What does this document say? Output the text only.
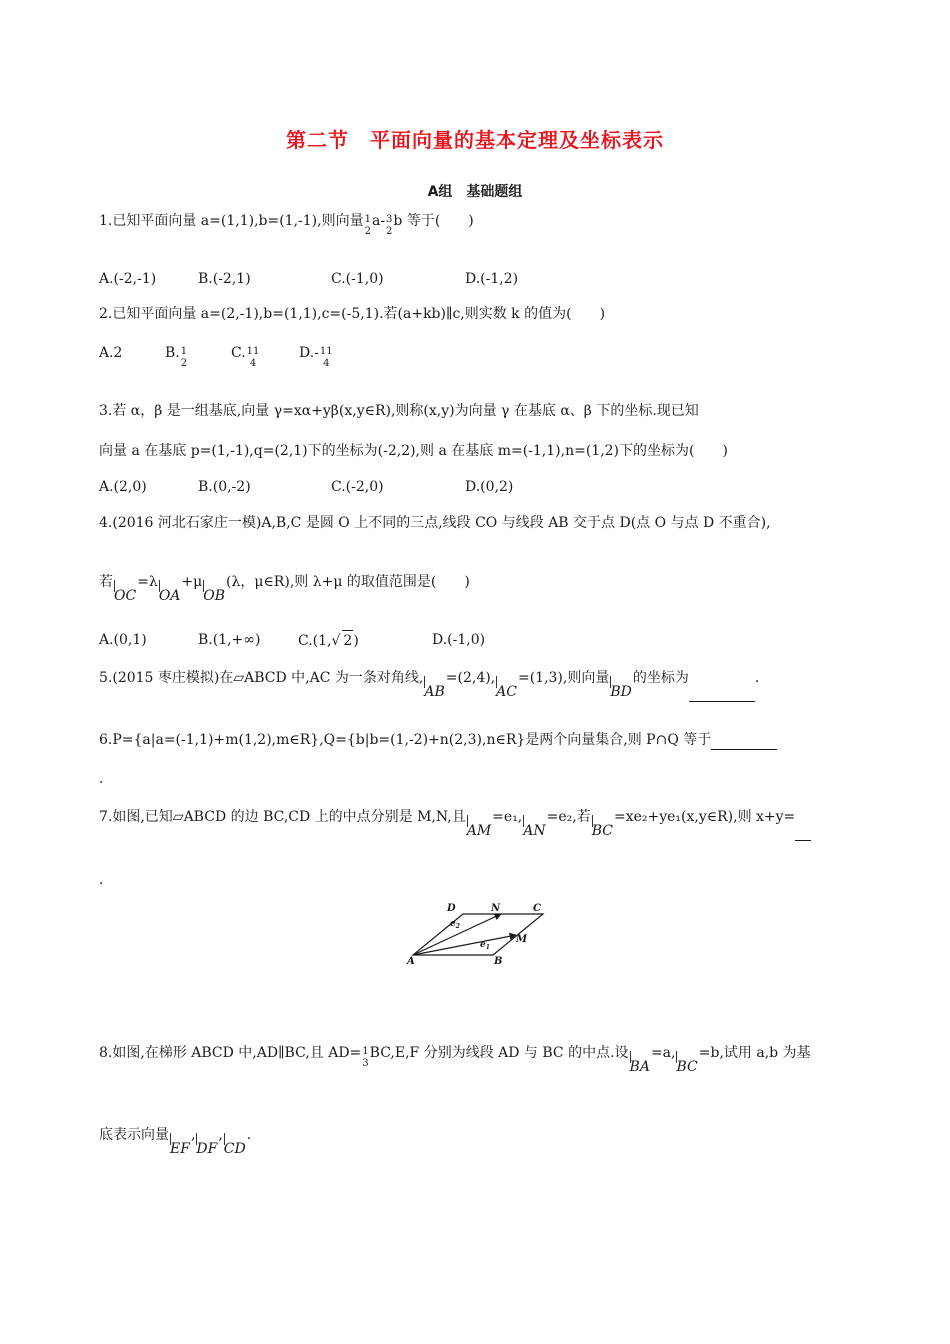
第二节　平面向量的基本定理及坐标表示
A组　基础题组
1.已知平面向量 a=(1,1),b=(1,-1),则向量 1
2
a- 3
2
b 等于(　　)
A.(-2,-1)	B.(-2,1)	C.(-1,0)	D.(-1,2)
2.已知平面向量 a=(2,-1),b=(1,1),c=(-5,1).若(a+kb)∥c,则实数 k 的值为(　　)
A.2	B. 1
2
C. 11
4
D.- 11
4
3.若 α，β 是一组基底,向量 γ=xα+yβ(x,y∈R),则称(x,y)为向量 γ 在基底 α、β 下的坐标.现已知
向量 a 在基底 p=(1,-1),q=(2,1)下的坐标为(-2,2),则 a 在基底 m=(-1,1),n=(1,2)下的坐标为(　　)
A.(2,0)	B.(0,-2)	C.(-2,0)	D.(0,2)
4.(2016 河北石家庄一模)A,B,C 是圆 O 上不同的三点,线段 CO 与线段 AB 交于点 D(点 O 与点 D 不重合),
若
OC=λ
OA+μ
OB(λ，μ∈R),则 λ+μ 的取值范围是(　　)
A.(0,1)	B.(1,+∞)	C.(1,√ 2)	D.(-1,0)
5.(2015 枣庄模拟)在▱ABCD 中,AC 为一条对角线,
AB=(2,4),
AC=(1,3),则向量
BD的坐标为	.
6.P={a|a=(-1,1)+m(1,2),m∈R},Q={b|b=(1,-2)+n(2,3),n∈R}是两个向量集合,则 P∩Q 等于
.
7.如图,已知▱ABCD 的边 BC,CD 上的中点分别是 M,N,且
AM=e₁,
AN=e₂,若
BC=xe₂+ye₁(x,y∈R),则 x+y=
.
A	B
C
D
M
N
$e_1$
$e_2$
8.如图,在梯形 ABCD 中,AD∥BC,且 AD= 1
3
BC,E,F 分别为线段 AD 与 BC 的中点.设
BA=a,
BC=b,试用 a,b 为基
底表示向量
EF,
DF,
CD.
